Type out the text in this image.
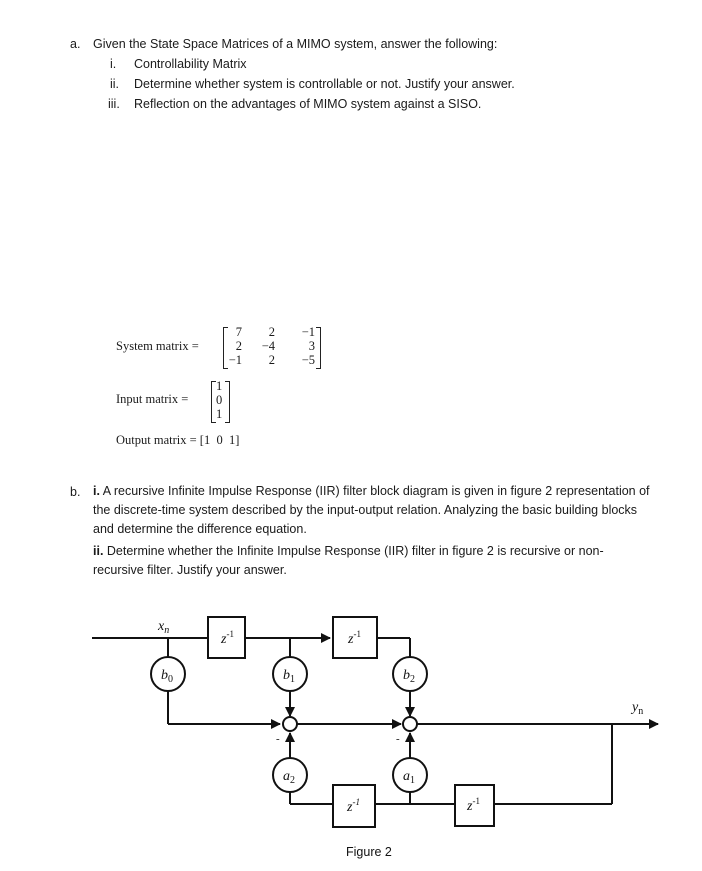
a. Given the State Space Matrices of a MIMO system, answer the following:
i. Controllability Matrix
ii. Determine whether system is controllable or not. Justify your answer.
iii. Reflection on the advantages of MIMO system against a SISO.
System matrix =
7	2	−1
2	−4	3
−1	2	−5
Input matrix =
1
0
1
Output matrix = [1  0  1]
b. i. A recursive Infinite Impulse Response (IIR) filter block diagram is given in figure 2 representation of the discrete-time system described by the input-output relation. Analyzing the basic building blocks and determine the difference equation.
ii. Determine whether the Infinite Impulse Response (IIR) filter in figure 2 is recursive or non-recursive filter. Justify your answer.
-	-
$x_n$
$y_n$
$b_0$	$b_1$	$b_2$
$a_2$	$a_1$
$z^{-1}$	$z^{-1}$
$z^{-1}$	$z^{-1}$
Figure 2
